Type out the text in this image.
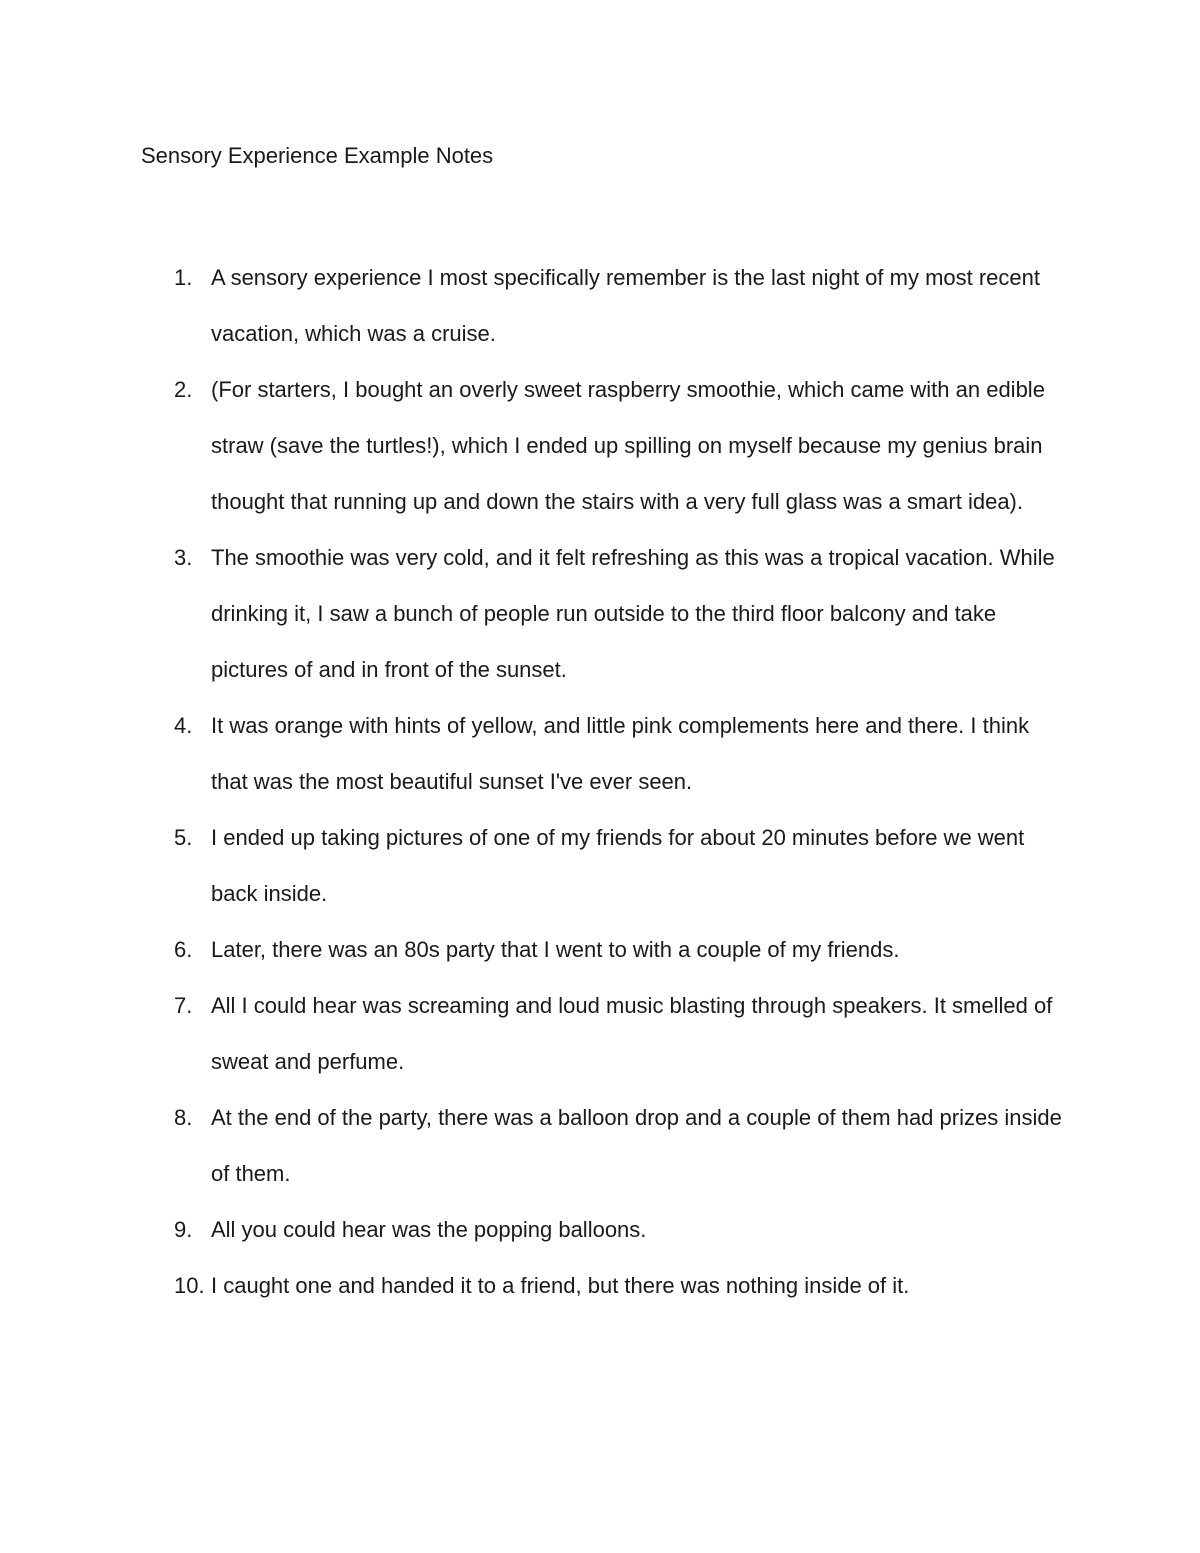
Sensory Experience Example Notes
1. A sensory experience I most specifically remember is the last night of my most recent vacation, which was a cruise.
2. (For starters, I bought an overly sweet raspberry smoothie, which came with an edible straw (save the turtles!), which I ended up spilling on myself because my genius brain thought that running up and down the stairs with a very full glass was a smart idea).
3. The smoothie was very cold, and it felt refreshing as this was a tropical vacation. While drinking it, I saw a bunch of people run outside to the third floor balcony and take pictures of and in front of the sunset.
4. It was orange with hints of yellow, and little pink complements here and there. I think that was the most beautiful sunset I've ever seen.
5. I ended up taking pictures of one of my friends for about 20 minutes before we went back inside.
6. Later, there was an 80s party that I went to with a couple of my friends.
7. All I could hear was screaming and loud music blasting through speakers. It smelled of sweat and perfume.
8. At the end of the party, there was a balloon drop and a couple of them had prizes inside of them.
9. All you could hear was the popping balloons.
10. I caught one and handed it to a friend, but there was nothing inside of it.
